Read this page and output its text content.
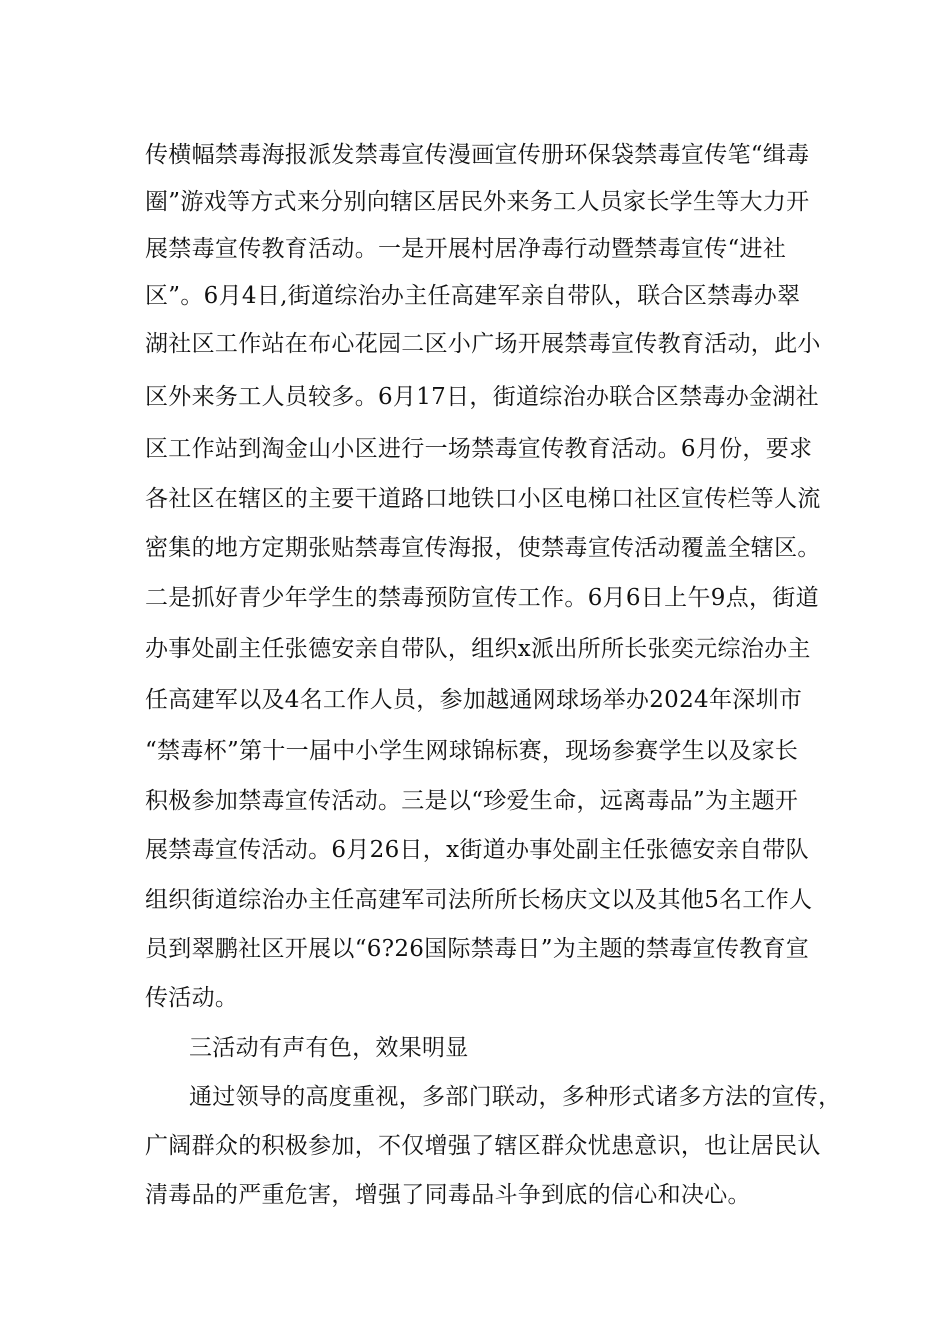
传横幅禁毒海报派发禁毒宣传漫画宣传册环保袋禁毒宣传笔“缉毒
圈”游戏等方式来分别向辖区居民外来务工人员家长学生等大力开
展禁毒宣传教育活动。一是开展村居净毒行动暨禁毒宣传“进社
区”。6月4日,街道综治办主任高建军亲自带队，联合区禁毒办翠
湖社区工作站在布心花园二区小广场开展禁毒宣传教育活动，此小
区外来务工人员较多。6月17日，街道综治办联合区禁毒办金湖社
区工作站到淘金山小区进行一场禁毒宣传教育活动。6月份，要求
各社区在辖区的主要干道路口地铁口小区电梯口社区宣传栏等人流
密集的地方定期张贴禁毒宣传海报，使禁毒宣传活动覆盖全辖区。
二是抓好青少年学生的禁毒预防宣传工作。6月6日上午9点，街道
办事处副主任张德安亲自带队，组织x派出所所长张奕元综治办主
任高建军以及4名工作人员，参加越通网球场举办2024年深圳市
“禁毒杯”第十一届中小学生网球锦标赛，现场参赛学生以及家长
积极参加禁毒宣传活动。三是以“珍爱生命，远离毒品”为主题开
展禁毒宣传活动。6月26日，x街道办事处副主任张德安亲自带队
组织街道综治办主任高建军司法所所长杨庆文以及其他5名工作人
员到翠鹏社区开展以“6?26国际禁毒日”为主题的禁毒宣传教育宣
传活动。
三活动有声有色，效果明显
通过领导的高度重视，多部门联动，多种形式诸多方法的宣传，
广阔群众的积极参加，不仅增强了辖区群众忧患意识，也让居民认
清毒品的严重危害，增强了同毒品斗争到底的信心和决心。
